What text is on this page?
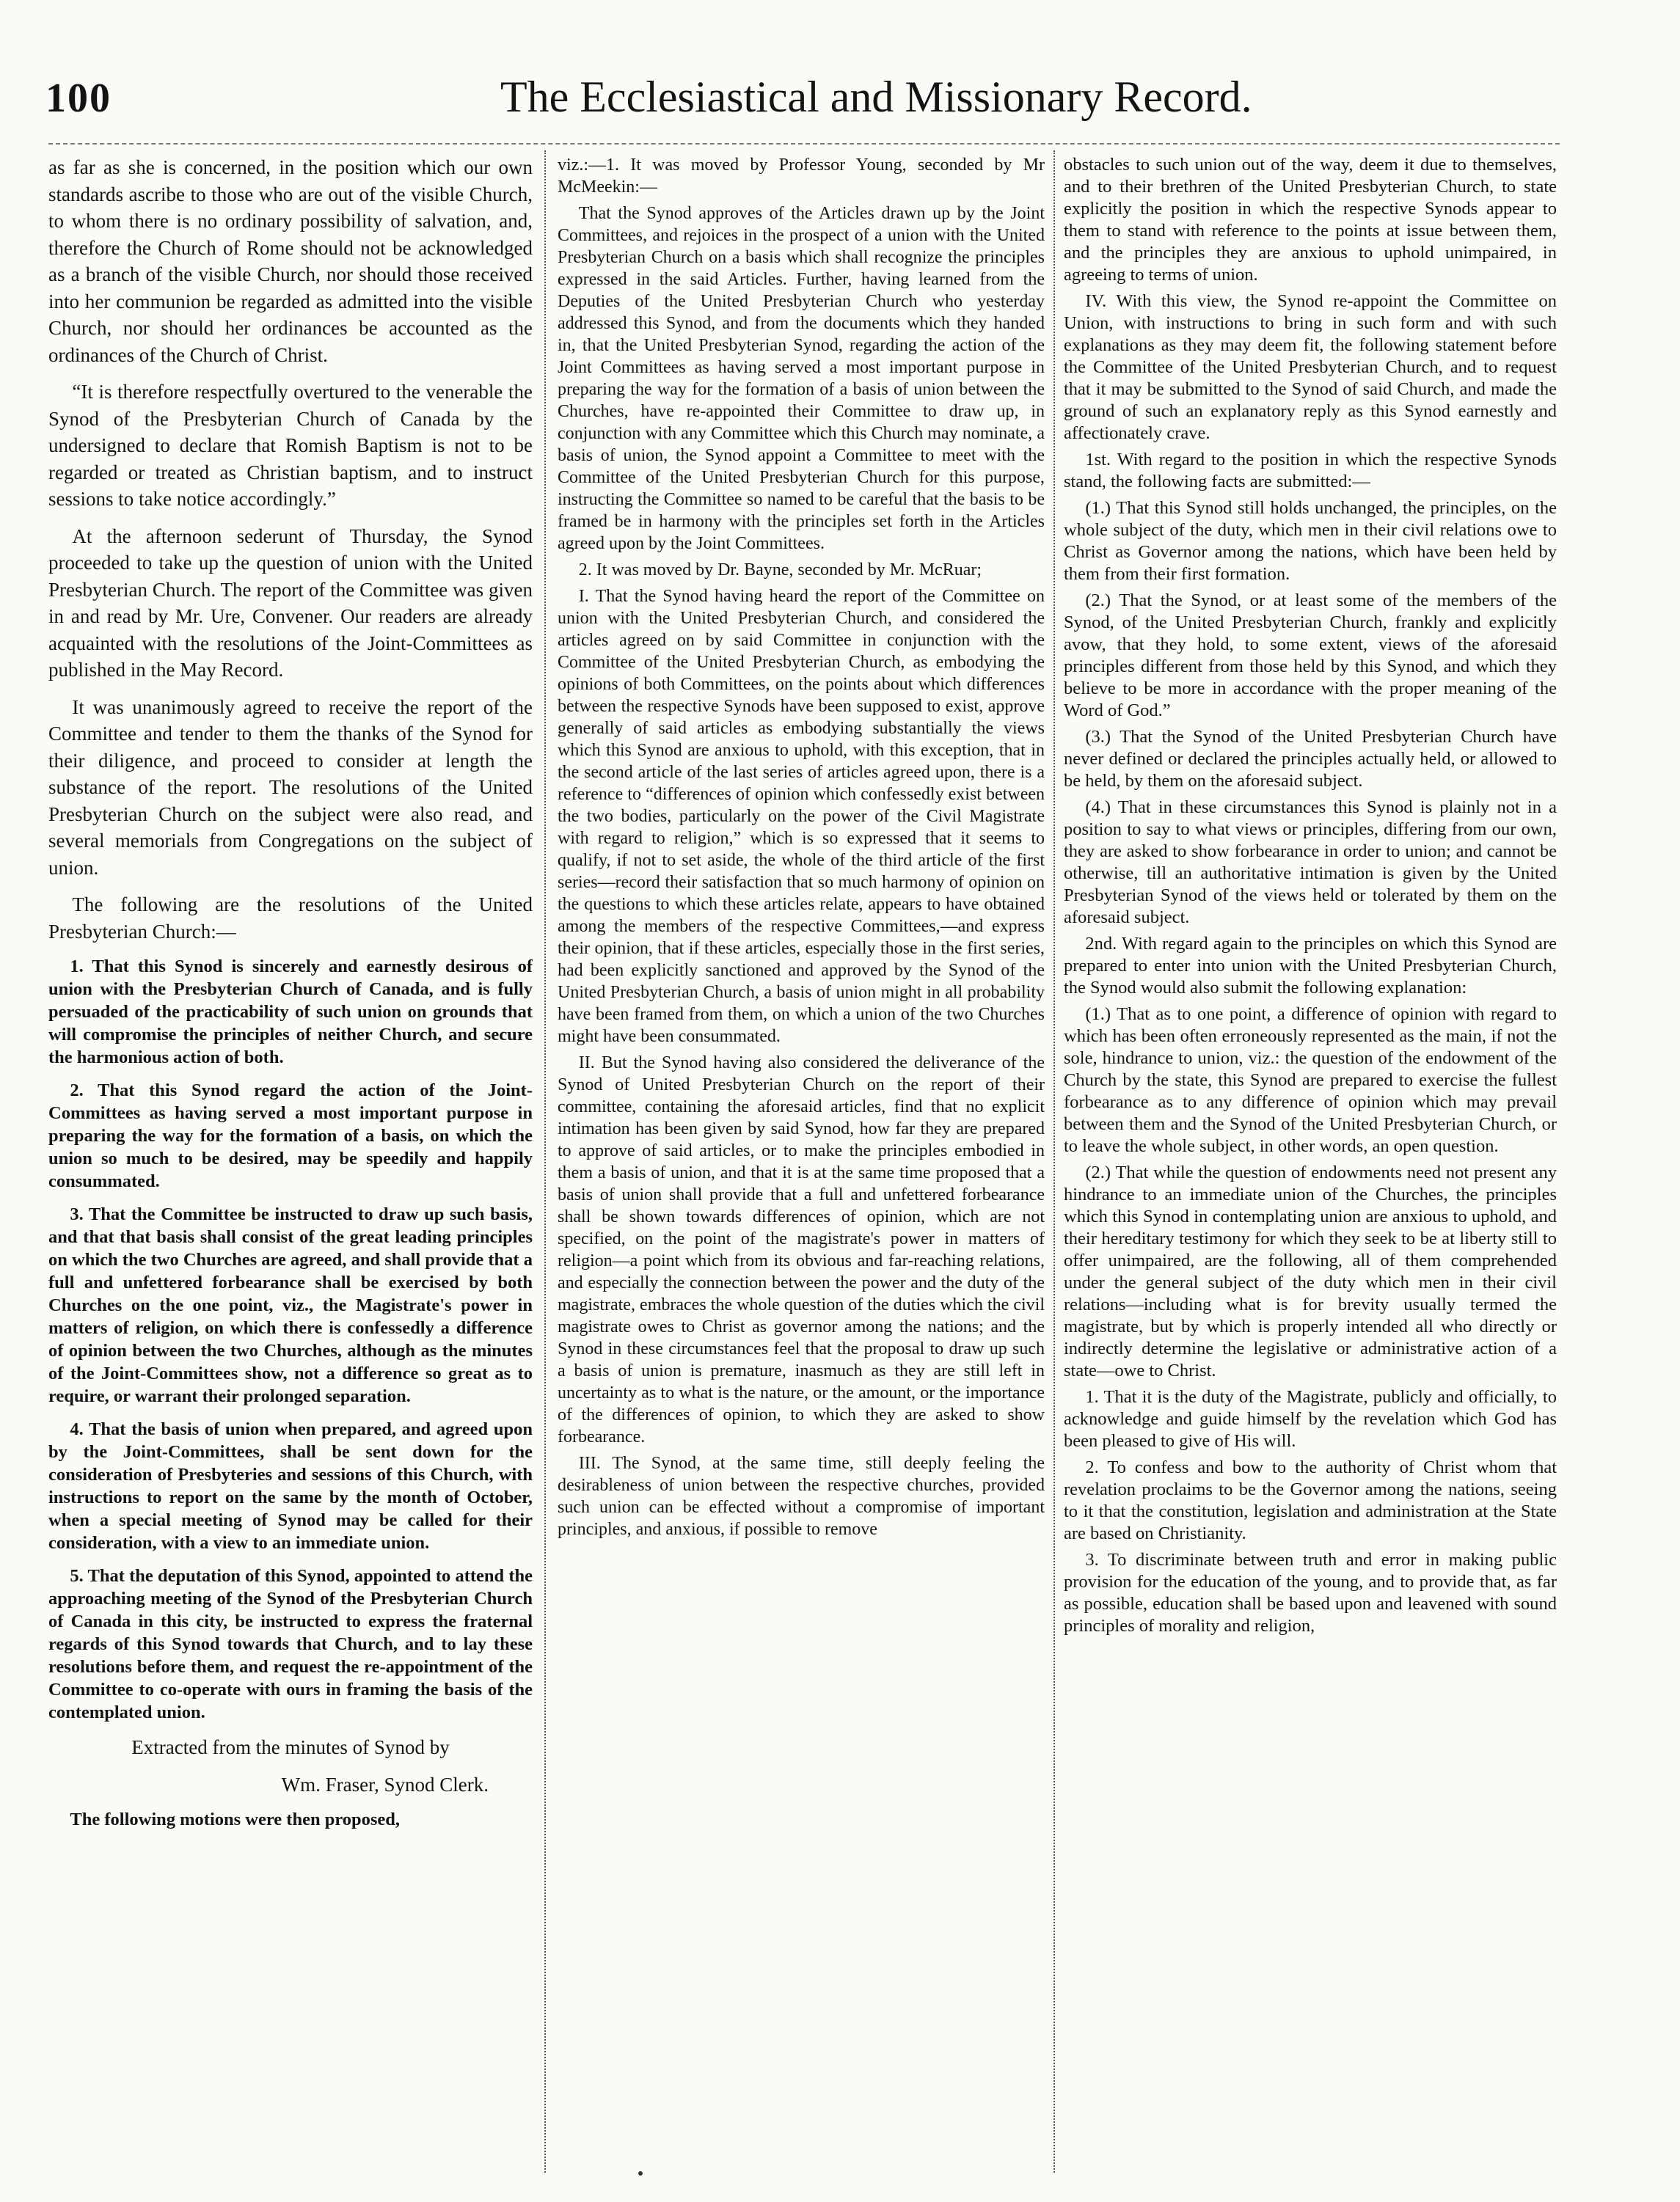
100	The Ecclesiastical and Missionary Record.

as far as she is concerned, in the position which our own standards ascribe to those who are out of the visible Church, to whom there is no ordinary possibility of salvation, and, therefore the Church of Rome should not be acknowledged as a branch of the visible Church, nor should those received into her communion be regarded as admitted into the visible Church, nor should her ordinances be accounted as the ordinances of the Church of Christ.

“It is therefore respectfully overtured to the venerable the Synod of the Presbyterian Church of Canada by the undersigned to declare that Romish Baptism is not to be regarded or treated as Christian baptism, and to instruct sessions to take notice accordingly.”

At the afternoon sederunt of Thursday, the Synod proceeded to take up the question of union with the United Presbyterian Church. The report of the Committee was given in and read by Mr. Ure, Convener. Our readers are already acquainted with the resolutions of the Joint-Committees as published in the May Record.

It was unanimously agreed to receive the report of the Committee and tender to them the thanks of the Synod for their diligence, and proceed to consider at length the substance of the report. The resolutions of the United Presbyterian Church on the subject were also read, and several memorials from Congregations on the subject of union.

The following are the resolutions of the United Presbyterian Church:—

1. That this Synod is sincerely and earnestly desirous of union with the Presbyterian Church of Canada, and is fully persuaded of the practicability of such union on grounds that will compromise the principles of neither Church, and secure the harmonious action of both.

2. That this Synod regard the action of the Joint-Committees as having served a most important purpose in preparing the way for the formation of a basis, on which the union so much to be desired, may be speedily and happily consummated.

3. That the Committee be instructed to draw up such basis, and that that basis shall consist of the great leading principles on which the two Churches are agreed, and shall provide that a full and unfettered forbearance shall be exercised by both Churches on the one point, viz., the Magistrate's power in matters of religion, on which there is confessedly a difference of opinion between the two Churches, although as the minutes of the Joint-Committees show, not a difference so great as to require, or warrant their prolonged separation.

4. That the basis of union when prepared, and agreed upon by the Joint-Committees, shall be sent down for the consideration of Presbyteries and sessions of this Church, with instructions to report on the same by the month of October, when a special meeting of Synod may be called for their consideration, with a view to an immediate union.

5. That the deputation of this Synod, appointed to attend the approaching meeting of the Synod of the Presbyterian Church of Canada in this city, be instructed to express the fraternal regards of this Synod towards that Church, and to lay these resolutions before them, and request the re-appointment of the Committee to co-operate with ours in framing the basis of the contemplated union.

Extracted from the minutes of Synod by

Wm. Fraser, Synod Clerk.

The following motions were then proposed,

viz.:—1. It was moved by Professor Young, seconded by Mr McMeekin:—

That the Synod approves of the Articles drawn up by the Joint Committees, and rejoices in the prospect of a union with the United Presbyterian Church on a basis which shall recognize the principles expressed in the said Articles. Further, having learned from the Deputies of the United Presbyterian Church who yesterday addressed this Synod, and from the documents which they handed in, that the United Presbyterian Synod, regarding the action of the Joint Committees as having served a most important purpose in preparing the way for the formation of a basis of union between the Churches, have re-appointed their Committee to draw up, in conjunction with any Committee which this Church may nominate, a basis of union, the Synod appoint a Committee to meet with the Committee of the United Presbyterian Church for this purpose, instructing the Committee so named to be careful that the basis to be framed be in harmony with the principles set forth in the Articles agreed upon by the Joint Committees.

2. It was moved by Dr. Bayne, seconded by Mr. McRuar;

I. That the Synod having heard the report of the Committee on union with the United Presbyterian Church, and considered the articles agreed on by said Committee in conjunction with the Committee of the United Presbyterian Church, as embodying the opinions of both Committees, on the points about which differences between the respective Synods have been supposed to exist, approve generally of said articles as embodying substantially the views which this Synod are anxious to uphold, with this exception, that in the second article of the last series of articles agreed upon, there is a reference to “differences of opinion which confessedly exist between the two bodies, particularly on the power of the Civil Magistrate with regard to religion,” which is so expressed that it seems to qualify, if not to set aside, the whole of the third article of the first series—record their satisfaction that so much harmony of opinion on the questions to which these articles relate, appears to have obtained among the members of the respective Committees,—and express their opinion, that if these articles, especially those in the first series, had been explicitly sanctioned and approved by the Synod of the United Presbyterian Church, a basis of union might in all probability have been framed from them, on which a union of the two Churches might have been consummated.

II. But the Synod having also considered the deliverance of the Synod of United Presbyterian Church on the report of their committee, containing the aforesaid articles, find that no explicit intimation has been given by said Synod, how far they are prepared to approve of said articles, or to make the principles embodied in them a basis of union, and that it is at the same time proposed that a basis of union shall provide that a full and unfettered forbearance shall be shown towards differences of opinion, which are not specified, on the point of the magistrate's power in matters of religion—a point which from its obvious and far-reaching relations, and especially the connection between the power and the duty of the magistrate, embraces the whole question of the duties which the civil magistrate owes to Christ as governor among the nations; and the Synod in these circumstances feel that the proposal to draw up such a basis of union is premature, inasmuch as they are still left in uncertainty as to what is the nature, or the amount, or the importance of the differences of opinion, to which they are asked to show forbearance.

III. The Synod, at the same time, still deeply feeling the desirableness of union between the respective churches, provided such union can be effected without a compromise of important principles, and anxious, if possible to remove

obstacles to such union out of the way, deem it due to themselves, and to their brethren of the United Presbyterian Church, to state explicitly the position in which the respective Synods appear to them to stand with reference to the points at issue between them, and the principles they are anxious to uphold unimpaired, in agreeing to terms of union.

IV. With this view, the Synod re-appoint the Committee on Union, with instructions to bring in such form and with such explanations as they may deem fit, the following statement before the Committee of the United Presbyterian Church, and to request that it may be submitted to the Synod of said Church, and made the ground of such an explanatory reply as this Synod earnestly and affectionately crave.

1st. With regard to the position in which the respective Synods stand, the following facts are submitted:—

(1.) That this Synod still holds unchanged, the principles, on the whole subject of the duty, which men in their civil relations owe to Christ as Governor among the nations, which have been held by them from their first formation.

(2.) That the Synod, or at least some of the members of the Synod, of the United Presbyterian Church, frankly and explicitly avow, that they hold, to some extent, views of the aforesaid principles different from those held by this Synod, and which they believe to be more in accordance with the proper meaning of the Word of God.”

(3.) That the Synod of the United Presbyterian Church have never defined or declared the principles actually held, or allowed to be held, by them on the aforesaid subject.

(4.) That in these circumstances this Synod is plainly not in a position to say to what views or principles, differing from our own, they are asked to show forbearance in order to union; and cannot be otherwise, till an authoritative intimation is given by the United Presbyterian Synod of the views held or tolerated by them on the aforesaid subject.

2nd. With regard again to the principles on which this Synod are prepared to enter into union with the United Presbyterian Church, the Synod would also submit the following explanation:

(1.) That as to one point, a difference of opinion with regard to which has been often erroneously represented as the main, if not the sole, hindrance to union, viz.: the question of the endowment of the Church by the state, this Synod are prepared to exercise the fullest forbearance as to any difference of opinion which may prevail between them and the Synod of the United Presbyterian Church, or to leave the whole subject, in other words, an open question.

(2.) That while the question of endowments need not present any hindrance to an immediate union of the Churches, the principles which this Synod in contemplating union are anxious to uphold, and their hereditary testimony for which they seek to be at liberty still to offer unimpaired, are the following, all of them comprehended under the general subject of the duty which men in their civil relations—including what is for brevity usually termed the magistrate, but by which is properly intended all who directly or indirectly determine the legislative or administrative action of a state—owe to Christ.

1. That it is the duty of the Magistrate, publicly and officially, to acknowledge and guide himself by the revelation which God has been pleased to give of His will.

2. To confess and bow to the authority of Christ whom that revelation proclaims to be the Governor among the nations, seeing to it that the constitution, legislation and administration at the State are based on Christianity.

3. To discriminate between truth and error in making public provision for the education of the young, and to provide that, as far as possible, education shall be based upon and leavened with sound principles of morality and religion,
